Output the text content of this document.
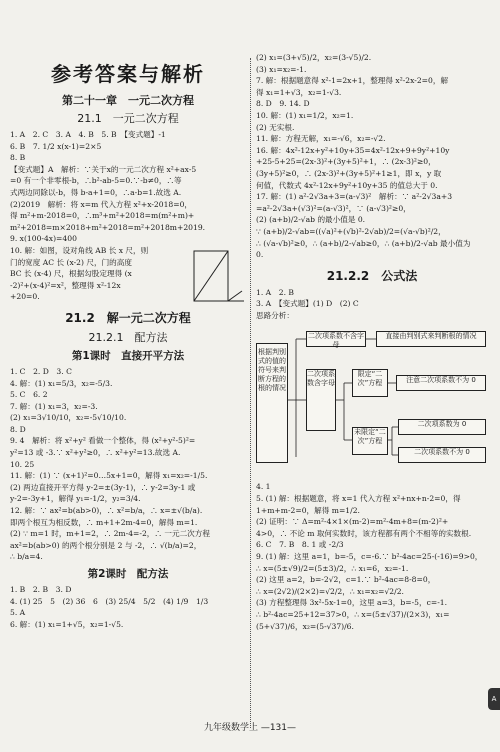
参考答案与解析
第二十一章　一元二次方程
21.1　一元二次方程
1. A　2. C　3. A　4. B　5. B　【变式题】-1
6. B　7. 1/2 x(x-1)=2×5
8. B
【变式题】A　解析：∵关于x的一元二次方程 x²+ax-5
=0 有一个非零根-b，∴b²-ab-5=0.∵-b≠0，∴等
式两边同除以-b，得 b-a+1=0，∴a-b=1.故选 A.
(2)2019　解析：将 x=m 代入方程 x²+x-2018=0，
得 m²+m-2018=0，∴m³+m²+2018=m(m²+m)+
m²+2018=m×2018+m²+2018=m²+2018m+2019.
9. x(100-4x)=400
10. 解：如图，设对角线 AB 长 x 尺，则
门的宽度 AC 长 (x-2) 尺，门的高度
BC 长 (x-4) 尺，根据勾股定理得 (x
-2)²+(x-4)²=x²，整理得 x²-12x
+20=0.
21.2　解一元二次方程
21.2.1　配方法
第1课时　直接开平方法
1. C　2. D　3. C
4. 解：(1) x₁=5/3，x₂=-5/3.
5. C　6. 2
7. 解：(1) x₁=3，x₂=-3.
(2) x₁=3√10/10，x₂=-5√10/10.
8. D
9. 4　解析：将 x²+y² 看做一个整体，得 (x²+y²-5)²=
y²=13 或 -3.∵ x²+y²≥0，∴ x²+y²=13.故选 A.
10. 25
11. 解：(1) ∵ (x+1)²=0…5x+1=0，解得 x₁=x₂=-1/5.
(2) 两边直接开平方得 y-2=±(3y-1)，∴ y-2=3y-1 或
y-2=-3y+1，解得 y₁=-1/2，y₂=3/4.
12. 解：∵ ax²=b(ab>0)，∴ x²=b/a，∴ x=±√(b/a).
即两个根互为相反数，∴ m+1+2m-4=0，解得 m=1.
(2) ∵ m=1 时，m+1=2，∴ 2m-4=-2，∴ 一元二次方程
ax²=b(ab>0) 的两个根分别是 2 与 -2，∴ √(b/a)=2，
∴ b/a=4.
第2课时　配方法
1. B　2. B　3. D
4. (1) 25　5　(2) 36　6　(3) 25/4　5/2　(4) 1/9　1/3
5. A
6. 解：(1) x₁=1+√5，x₂=1-√5.
(2) x₁=(3+√5)/2，x₂=(3-√5)/2.
(3) x₁=x₂=-1.
7. 解：根据题意得 x²-1=2x+1，整理得 x²-2x-2=0，解
得 x₁=1+√3，x₂=1-√3.
8. D　9. 14. D
10. 解：(1) x₁=1/2，x₂=1.
(2) 无实根.
11. 解：方程无解，x₁=-√6，x₂=-√2.
16. 解：4x²-12x+y²+10y+35=4x²-12x+9+9y²+10y
+25-5+25=(2x-3)²+(3y+5)²+1，∴ (2x-3)²≥0，
(3y+5)²≥0，∴ (2x-3)²+(3y+5)²+1≥1，即 x，y 取
何值，代数式 4x²-12x+9y²+10y+35 的值总大于 0.
17. 解：(1) a²-2√3a+3=(a-√3)²　解析：∵ a²-2√3a+3
=a²-2√3a+(√3)²=(a-√3)²，∵ (a-√3)²≥0，
(2) (a+b)/2-√ab 的最小值是 0.
∵ (a+b)/2-√ab=((√a)²+(√b)²-2√ab)/2=(√a-√b)²/2，
∴ (√a-√b)²≥0，∴ (a+b)/2-√ab≥0，∴ (a+b)/2-√ab 最小值为
0.
21.2.2　公式法
1. A　2. B
3. A　【变式题】(1) D　(2) C
思路分析：
根据判别式的值的符号来判断方程的根的情况
二次项系数不含字母
直接由判别式来判断根的情况
二次项系数含字母
限定“二次”方程	注意二次项系数不为 0
未限定“二次”方程
二次项系数为 0
二次项系数不为 0
4. 1
5. (1) 解：根据题意，将 x=1 代入方程 x²+nx+n-2=0，得
1+m+m-2=0，解得 m=1/2.
(2) 证明：∵ Δ=m²-4×1×(m-2)=m²-4m+8=(m-2)²+
4>0，∴ 不论 m 取何实数时，该方程都有两个不相等的实数根.
6. C　7. B　8. 1 或 -2/3
9. (1) 解：这里 a=1，b=-5，c=-6.∵ b²-4ac=25-(-16)=9>0，
∴ x=(5±√9)/2=(5±3)/2，∴ x₁=6，x₂=-1.
(2) 这里 a=2，b=-2√2，c=1.∵ b²-4ac=8-8=0，
∴ x=(2√2)/(2×2)=√2/2，∴ x₁=x₂=√2/2.
(3) 方程整理得 3x²-5x-1=0，这里 a=3，b=-5，c=-1.
∴ b²-4ac=25+12=37>0，∴ x=(5±√37)/(2×3)，x₁=
(5+√37)/6，x₂=(5-√37)/6.
九年级数学上 —131—
A
